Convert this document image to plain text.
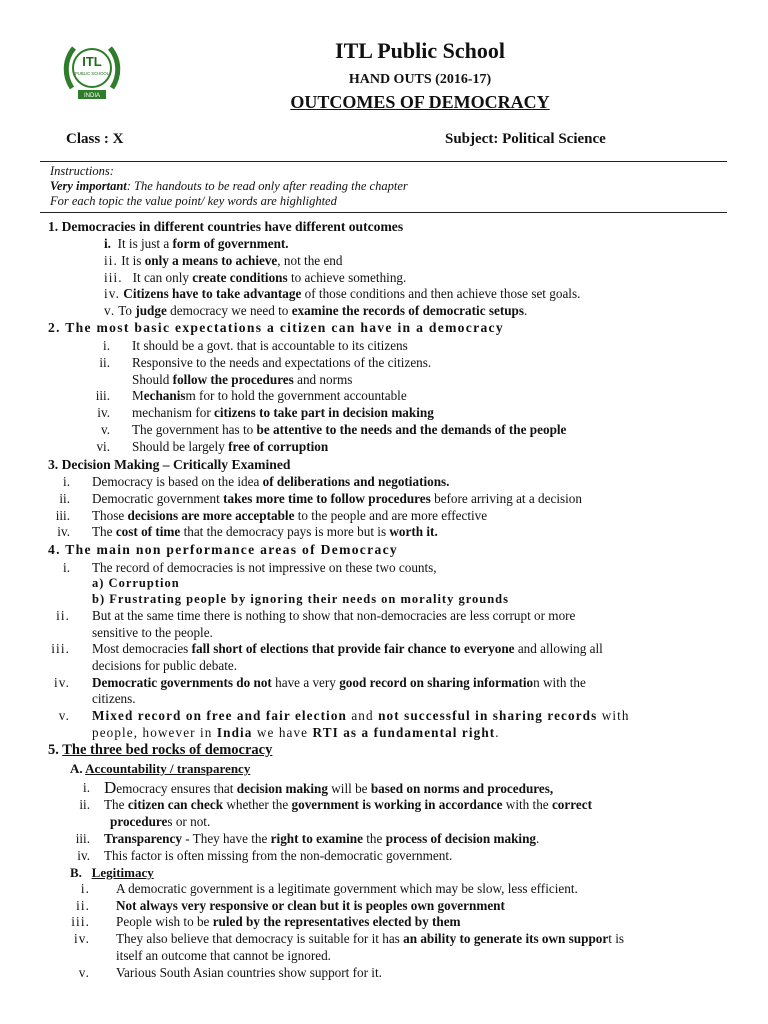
ITL
PUBLIC SCHOOL
INDIA
ITL Public School
HAND OUTS (2016-17)
OUTCOMES OF DEMOCRACY
Class : X	Subject: Political Science
Instructions:
Very important: The handouts to be read only after reading the chapter
For each topic the value point/ key words are highlighted
1. Democracies in different countries have different outcomes
i. It is just a form of government.
ii. It is only a means to achieve, not the end
iii. It can only create conditions to achieve something.
iv. Citizens have to take advantage of those conditions and then achieve those set goals.
v. To judge democracy we need to examine the records of democratic setups.
2. The most basic expectations a citizen can have in a democracy
i. It should be a govt. that is accountable to its citizens
ii. Responsive to the needs and expectations of the citizens.
Should follow the procedures and norms
iii. Mechanism for to hold the government accountable
iv. mechanism for citizens to take part in decision making
v. The government has to be attentive to the needs and the demands of the people
vi. Should be largely free of corruption
3. Decision Making – Critically Examined
i. Democracy is based on the idea of deliberations and negotiations.
ii. Democratic government takes more time to follow procedures before arriving at a decision
iii. Those decisions are more acceptable to the people and are more effective
iv. The cost of time that the democracy pays is more but is worth it.
4. The main non performance areas of Democracy
i. The record of democracies is not impressive on these two counts,
a) Corruption
b) Frustrating people by ignoring their needs on morality grounds
ii. But at the same time there is nothing to show that non-democracies are less corrupt or more
sensitive to the people.
iii. Most democracies fall short of elections that provide fair chance to everyone and allowing all
decisions for public debate.
iv. Democratic governments do not have a very good record on sharing information with the
citizens.
v. Mixed record on free and fair election and not successful in sharing records with
people, however in India we have RTI as a fundamental right.
5. The three bed rocks of democracy
A. Accountability / transparency
i. Democracy ensures that decision making will be based on norms and procedures,
ii. The citizen can check whether the government is working in accordance with the correct
procedures or not.
iii. Transparency - They have the right to examine the process of decision making.
iv. This factor is often missing from the non-democratic government.
B. Legitimacy
i. A democratic government is a legitimate government which may be slow, less efficient.
ii. Not always very responsive or clean but it is peoples own government
iii. People wish to be ruled by the representatives elected by them
iv. They also believe that democracy is suitable for it has an ability to generate its own support is
itself an outcome that cannot be ignored.
v. Various South Asian countries show support for it.
